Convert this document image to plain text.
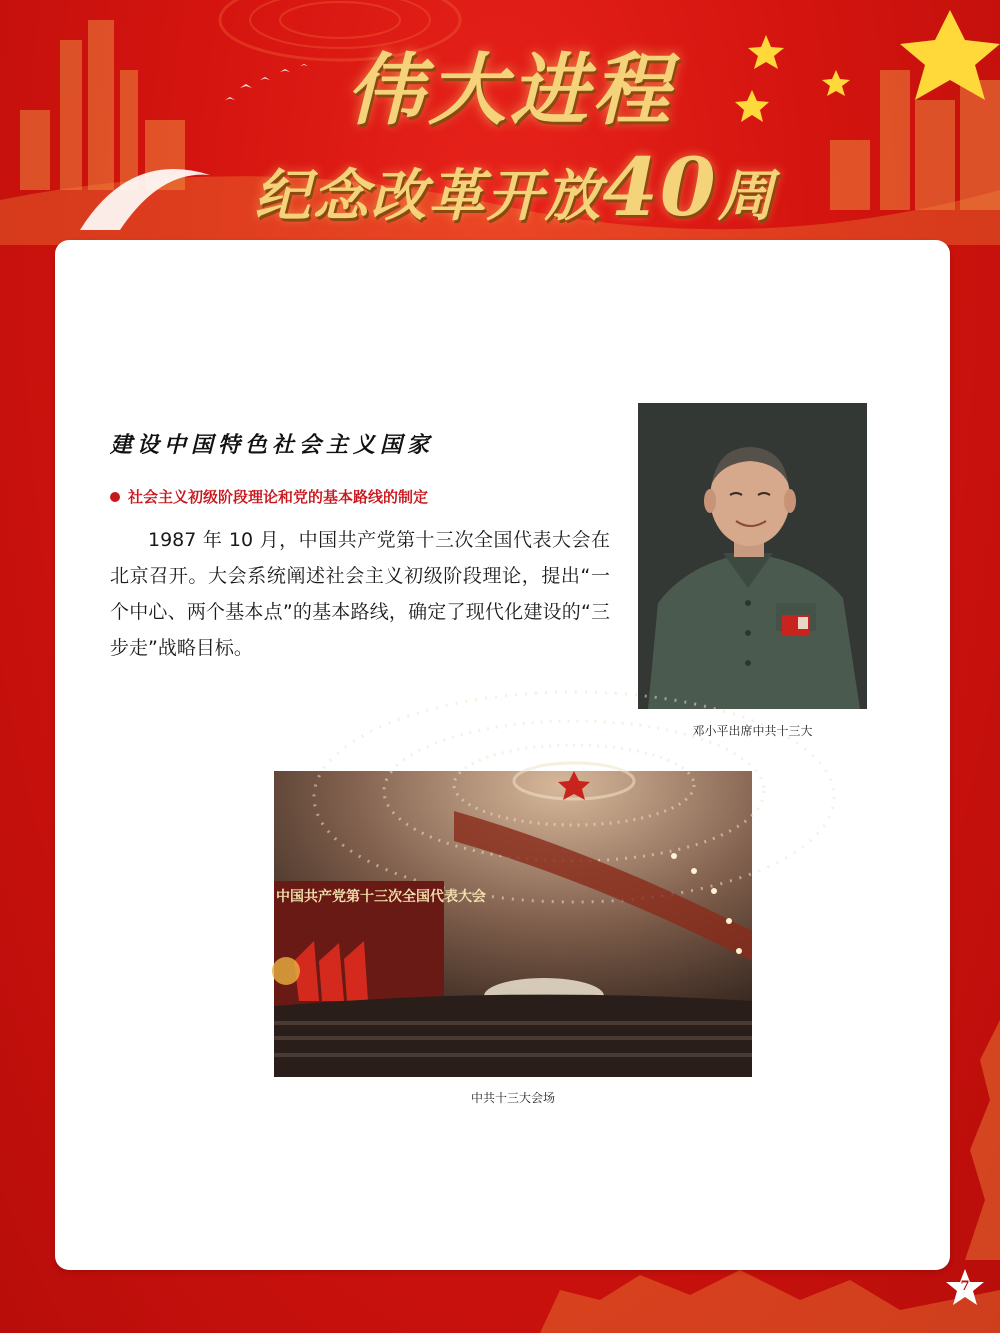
伟大进程
纪念改革开放40周
建设中国特色社会主义国家
社会主义初级阶段理论和党的基本路线的制定
1987 年 10 月，中国共产党第十三次全国代表大会在北京召开。大会系统阐述社会主义初级阶段理论，提出“一个中心、两个基本点”的基本路线，确定了现代化建设的“三步走”战略目标。
邓小平出席中共十三大
中国共产党第十三次全国代表大会
中共十三大会场
7
